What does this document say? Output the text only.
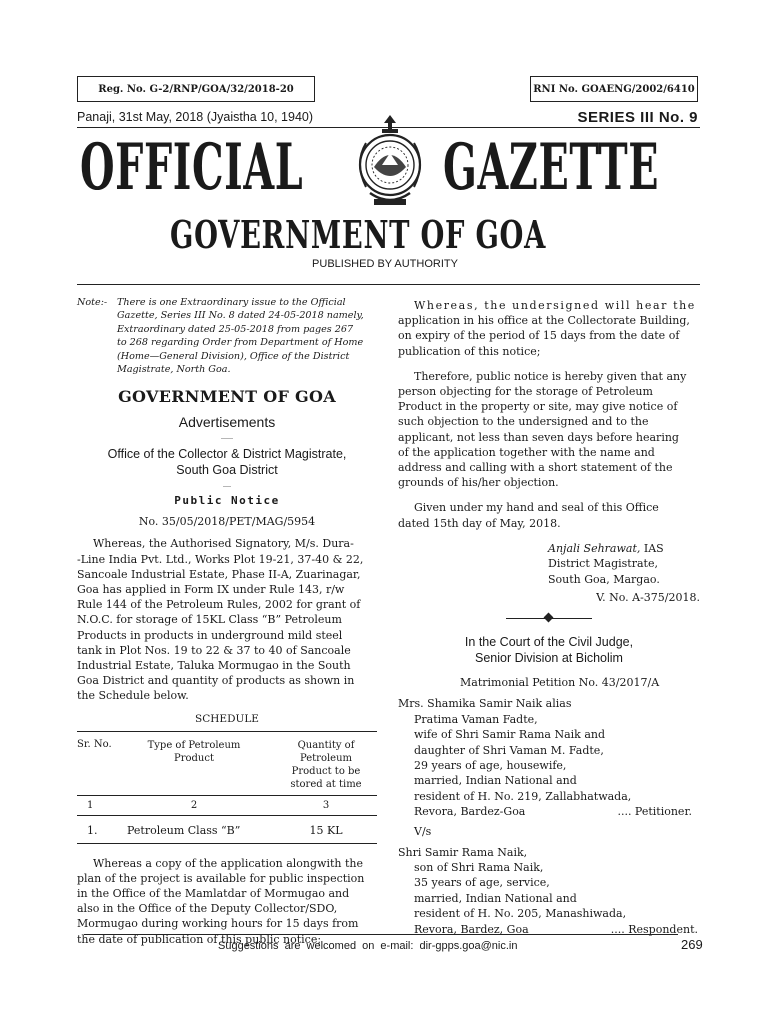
Reg. No. G-2/RNP/GOA/32/2018-20	RNI No. GOAENG/2002/6410
Panaji, 31st May, 2018 (Jyaistha 10, 1940)	SERIES III No. 9
OFFICIAL GAZETTE
GOVERNMENT OF GOA
PUBLISHED BY AUTHORITY
Note:- There is one Extraordinary issue to the Official
Gazette, Series III No. 8 dated 24-05-2018 namely,
Extraordinary dated 25-05-2018 from pages 267
to 268 regarding Order from Department of Home
(Home—General Division), Office of the District
Magistrate, North Goa.
GOVERNMENT OF GOA
Advertisements
___
Office of the Collector & District Magistrate,
South Goa District
__
Public Notice
No. 35/05/2018/PET/MAG/5954
Whereas, the Authorised Signatory, M/s. Dura-
-Line India Pvt. Ltd., Works Plot 19-21, 37-40 & 22,
Sancoale Industrial Estate, Phase II-A, Zuarinagar,
Goa has applied in Form IX under Rule 143, r/w
Rule 144 of the Petroleum Rules, 2002 for grant of
N.O.C. for storage of 15KL Class “B” Petroleum
Products in products in underground mild steel
tank in Plot Nos. 19 to 22 & 37 to 40 of Sancoale
Industrial Estate, Taluka Mormugao in the South
Goa District and quantity of products as shown in
the Schedule below.
SCHEDULE
Sr. No.	Type of Petroleum Product	Quantity of Petroleum Product to be stored at time
1	2	3
1.	Petroleum Class “B”	15 KL
Whereas a copy of the application alongwith the
plan of the project is available for public inspection
in the Office of the Mamlatdar of Mormugao and
also in the Office of the Deputy Collector/SDO,
Mormugao during working hours for 15 days from
the date of publication of this public notice;
Whereas, the undersigned will hear the
application in his office at the Collectorate Building,
on expiry of the period of 15 days from the date of
publication of this notice;
Therefore, public notice is hereby given that any
person objecting for the storage of Petroleum
Product in the property or site, may give notice of
such objection to the undersigned and to the
applicant, not less than seven days before hearing
of the application together with the name and
address and calling with a short statement of the
grounds of his/her objection.
Given under my hand and seal of this Office
dated 15th day of May, 2018.
Anjali Sehrawat, IAS
District Magistrate,
South Goa, Margao.
V. No. A-375/2018.
In the Court of the Civil Judge,
Senior Division at Bicholim
Matrimonial Petition No. 43/2017/A
Mrs. Shamika Samir Naik alias
Pratima Vaman Fadte,
wife of Shri Samir Rama Naik and
daughter of Shri Vaman M. Fadte,
29 years of age, housewife,
married, Indian National and
resident of H. No. 219, Zallabhatwada,
Revora, Bardez-Goa	.... Petitioner.
V/s
Shri Samir Rama Naik,
son of Shri Rama Naik,
35 years of age, service,
married, Indian National and
resident of H. No. 205, Manashiwada,
Revora, Bardez, Goa	.... Respondent.
Suggestions are welcomed on e-mail: dir-gpps.goa@nic.in	269
